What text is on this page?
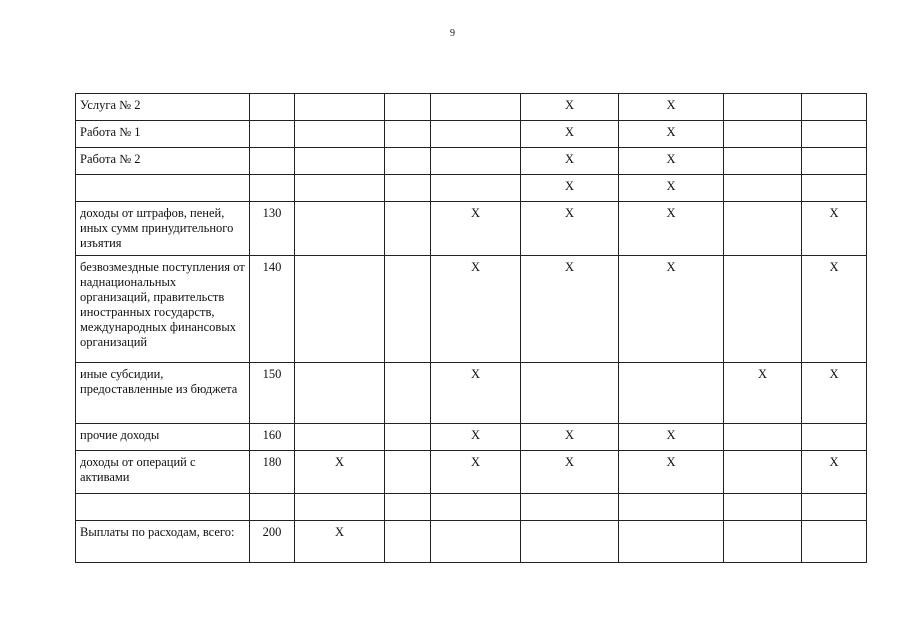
9
Услуга № 2					X	X		
Работа № 1					X	X		
Работа № 2					X	X		
					X	X		
доходы от штрафов, пеней, иных сумм принудительного изъятия	130			X	X	X		X
безвозмездные поступления от наднациональных организаций, правительств иностранных государств, международных финансовых организаций	140			X	X	X		X
иные субсидии, предоставленные из бюджета	150			X			X	X
прочие доходы	160			X	X	X		
доходы от операций с активами	180	X		X	X	X		X

Выплаты по расходам, всего:	200	X						
